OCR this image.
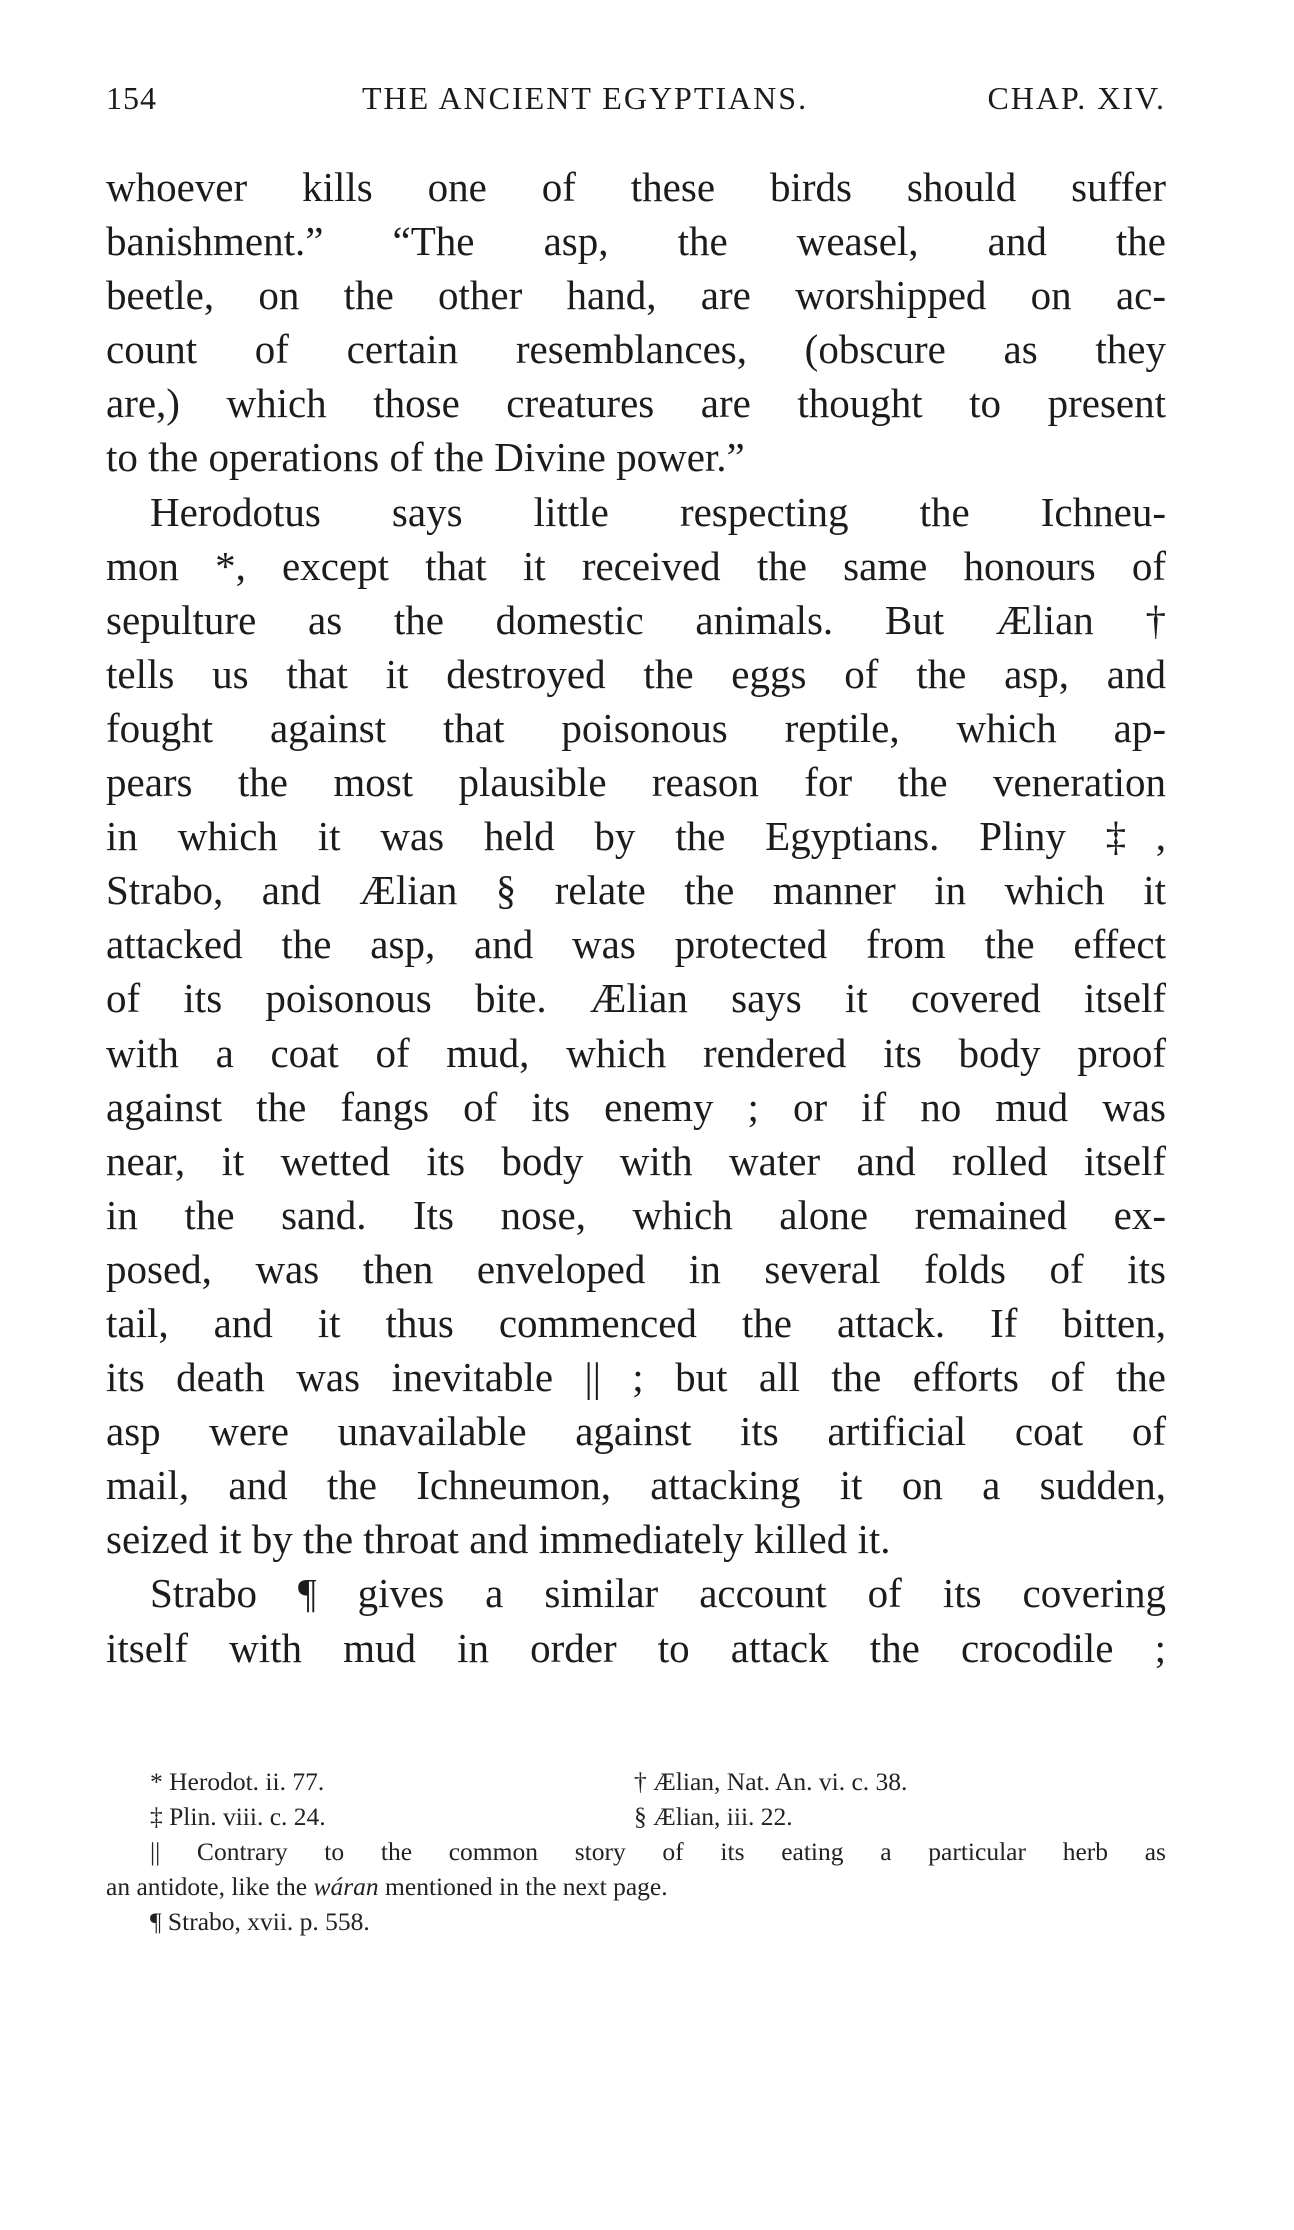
154	THE ANCIENT EGYPTIANS.	CHAP. XIV.
whoever kills one of these birds should suffer
banishment.” “The asp, the weasel, and the
beetle, on the other hand, are worshipped on ac-
count of certain resemblances, (obscure as they
are,) which those creatures are thought to present
to the operations of the Divine power.”
Herodotus says little respecting the Ichneu-
mon *, except that it received the same honours of
sepulture as the domestic animals. But Ælian †
tells us that it destroyed the eggs of the asp, and
fought against that poisonous reptile, which ap-
pears the most plausible reason for the veneration
in which it was held by the Egyptians. Pliny ‡,
Strabo, and Ælian § relate the manner in which it
attacked the asp, and was protected from the effect
of its poisonous bite. Ælian says it covered itself
with a coat of mud, which rendered its body proof
against the fangs of its enemy ; or if no mud was
near, it wetted its body with water and rolled itself
in the sand. Its nose, which alone remained ex-
posed, was then enveloped in several folds of its
tail, and it thus commenced the attack. If bitten,
its death was inevitable || ; but all the efforts of the
asp were unavailable against its artificial coat of
mail, and the Ichneumon, attacking it on a sudden,
seized it by the throat and immediately killed it.
Strabo ¶ gives a similar account of its covering
itself with mud in order to attack the crocodile ;
* Herodot. ii. 77.	† Ælian, Nat. An. vi. c. 38.
‡ Plin. viii. c. 24.	§ Ælian, iii. 22.
|| Contrary to the common story of its eating a particular herb as
an antidote, like the wáran mentioned in the next page.
¶ Strabo, xvii. p. 558.
